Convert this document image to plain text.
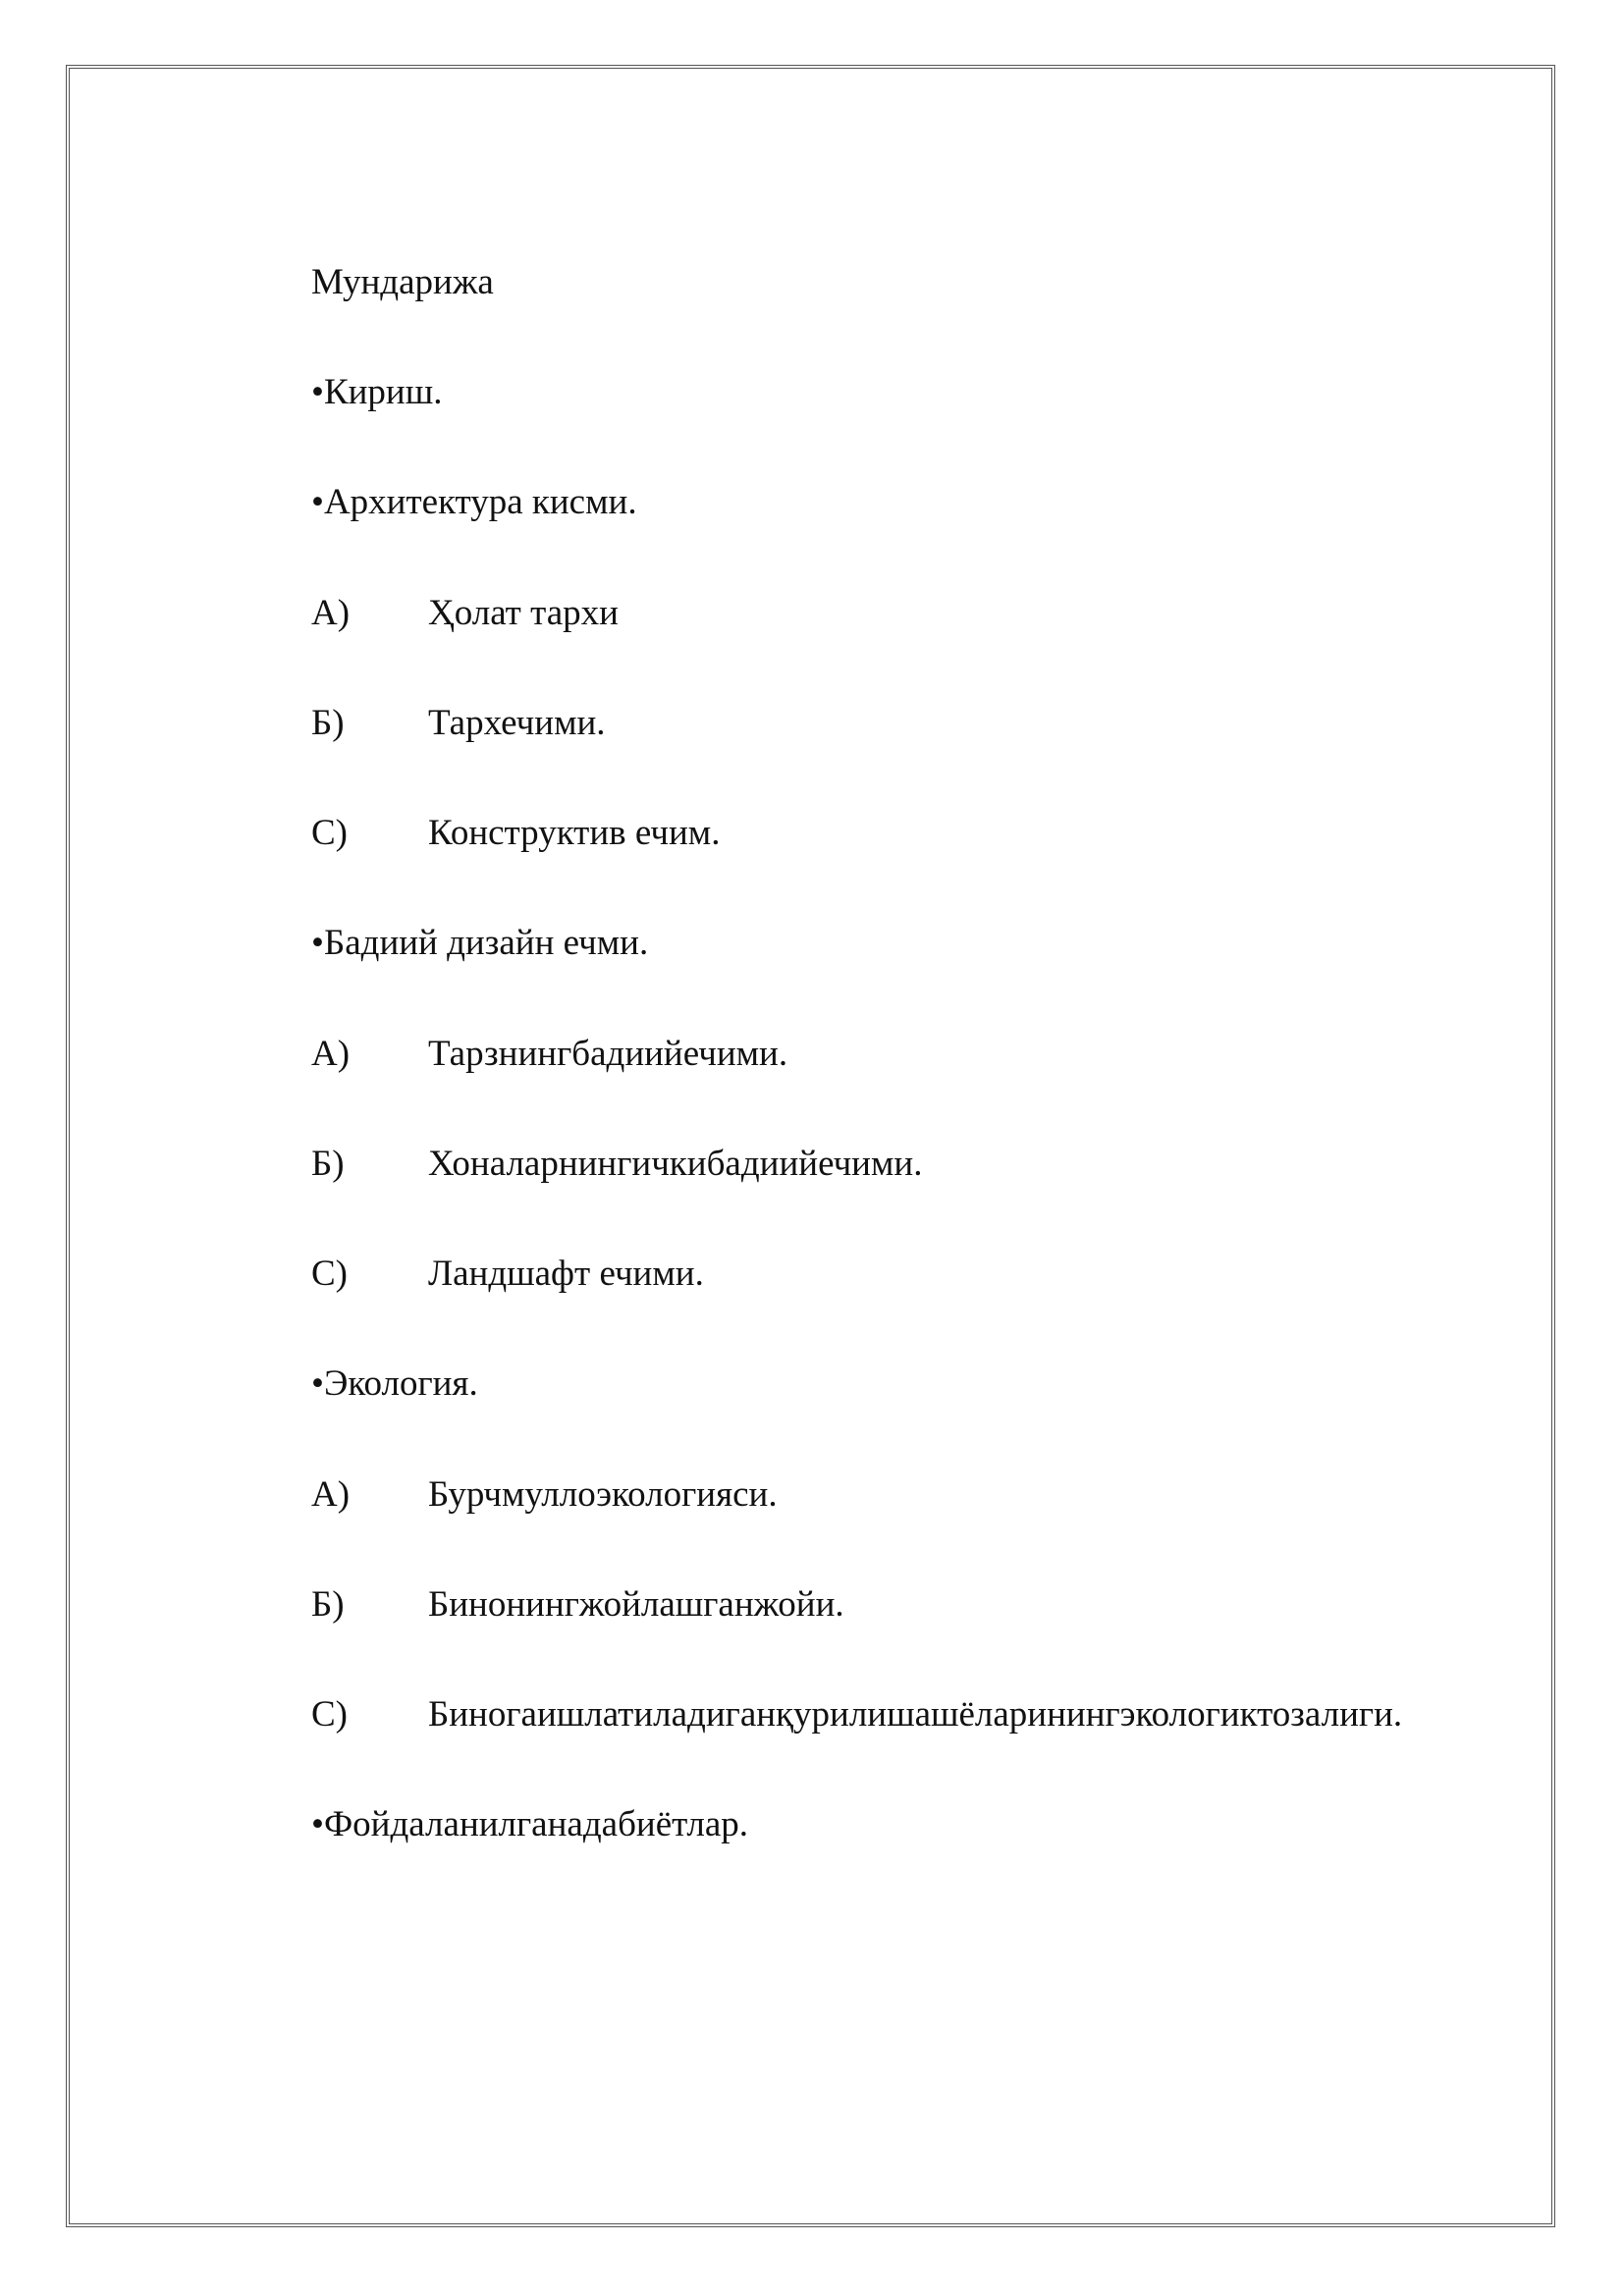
Мундарижа
•Кириш.
•Архитектура кисми.
А) Ҳолат тархи
Б) Тархечими.
С) Конструктив ечим.
•Бадиий дизайн ечми.
А) Тарзнингбадиийечими.
Б) Хоналарнингичкибадиийечими.
С) Ландшафт ечими.
•Экология.
А) Бурчмуллоэкологияси.
Б) Бинонингжойлашганжойи.
С) Биногаишлатиладиганқурилишашёларинингэкологиктозалиги.
•Фойдаланилганадабиётлар.
